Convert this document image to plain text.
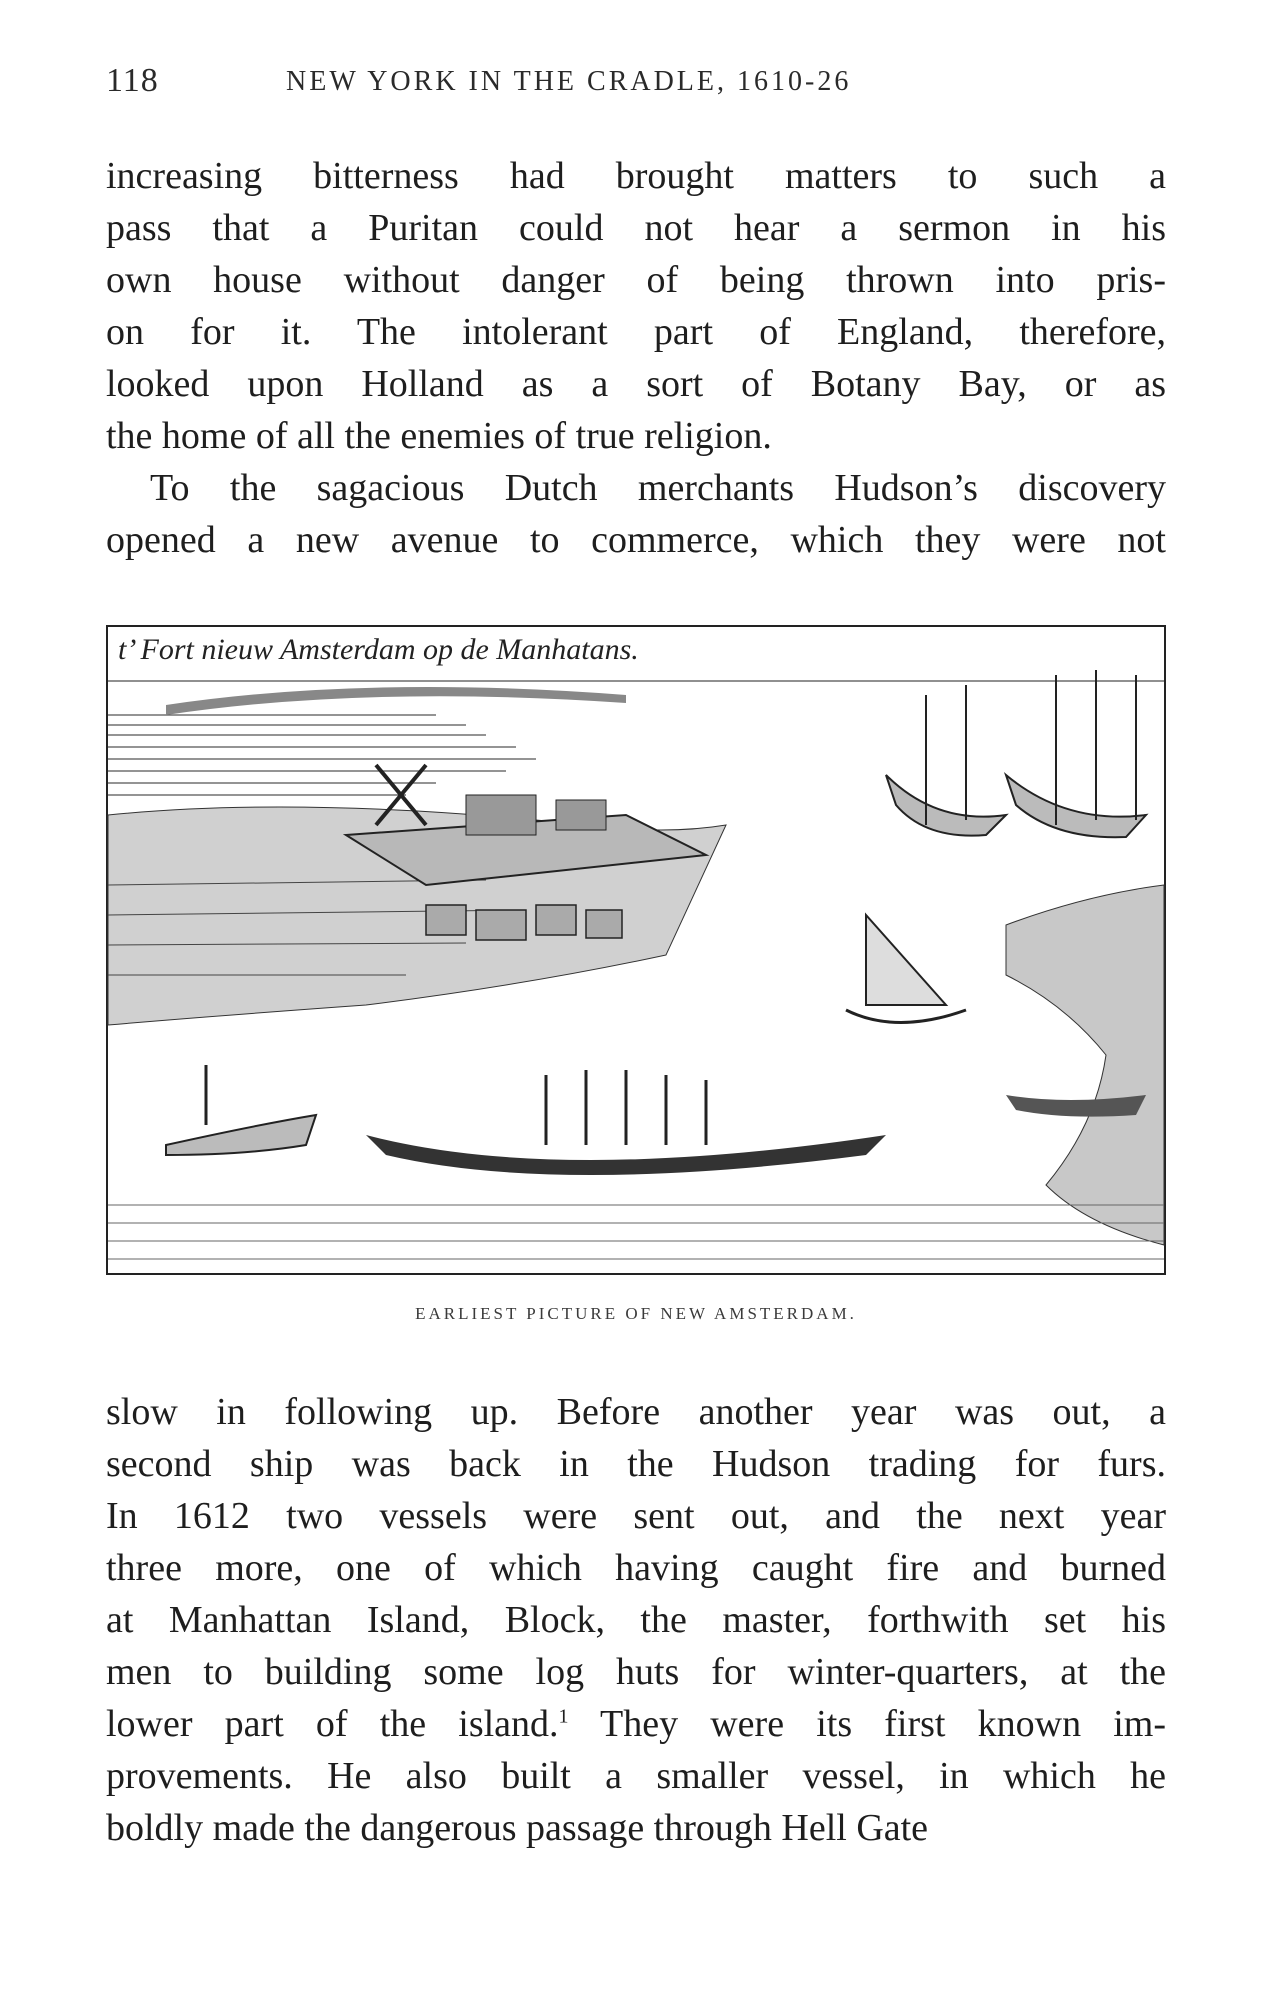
118	NEW YORK IN THE CRADLE, 1610-26
increasing bitterness had brought matters to such a
pass that a Puritan could not hear a sermon in his
own house without danger of being thrown into pris-
on for it. The intolerant part of England, therefore,
looked upon Holland as a sort of Botany Bay, or as
the home of all the enemies of true religion.
To the sagacious Dutch merchants Hudson’s discovery
opened a new avenue to commerce, which they were not
t’ Fort nieuw Amsterdam op de Manhatans.
EARLIEST PICTURE OF NEW AMSTERDAM.
slow in following up. Before another year was out, a
second ship was back in the Hudson trading for furs.
In 1612 two vessels were sent out, and the next year
three more, one of which having caught fire and burned
at Manhattan Island, Block, the master, forthwith set his
men to building some log huts for winter-quarters, at the
lower part of the island.$^1$ They were its first known im-
provements. He also built a smaller vessel, in which he
boldly made the dangerous passage through Hell Gate
